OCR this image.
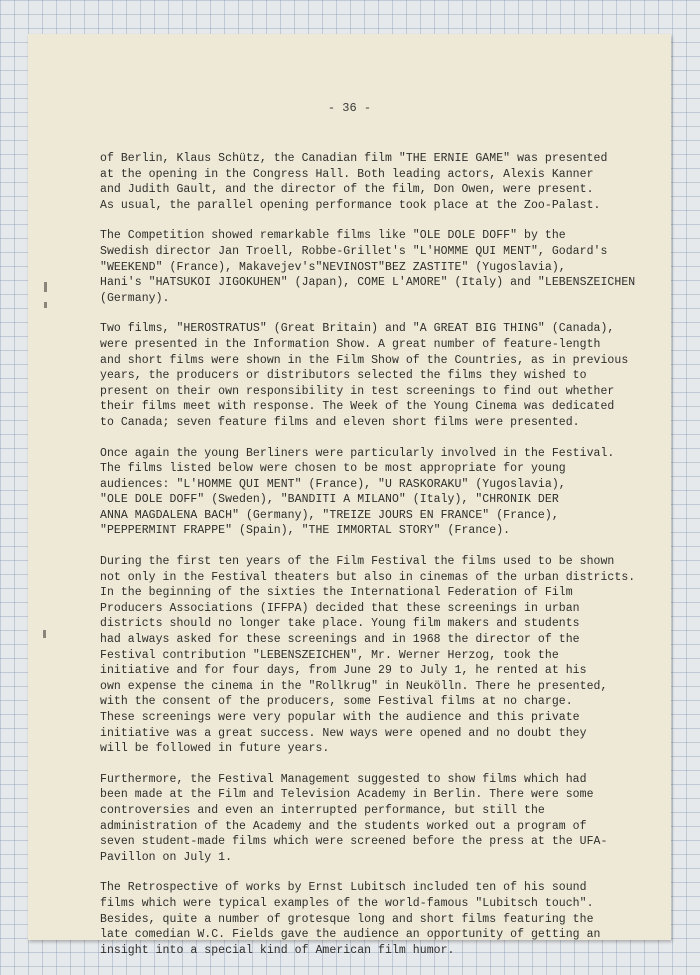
- 36 -
of Berlin, Klaus Schütz, the Canadian film "THE ERNIE GAME" was presented
at the opening in the Congress Hall. Both leading actors, Alexis Kanner
and Judith Gault, and the director of the film, Don Owen, were present.
As usual, the parallel opening performance took place at the Zoo-Palast.
The Competition showed remarkable films like "OLE DOLE DOFF" by the
Swedish director Jan Troell, Robbe-Grillet's "L'HOMME QUI MENT", Godard's
"WEEKEND" (France), Makavejev's"NEVINOST"BEZ ZASTITE" (Yugoslavia),
Hani's "HATSUKOI JIGOKUHEN" (Japan), COME L'AMORE" (Italy) and "LEBENSZEICHEN
(Germany).
Two films, "HEROSTRATUS" (Great Britain) and "A GREAT BIG THING" (Canada),
were presented in the Information Show. A great number of feature-length
and short films were shown in the Film Show of the Countries, as in previous
years, the producers or distributors selected the films they wished to
present on their own responsibility in test screenings to find out whether
their films meet with response. The Week of the Young Cinema was dedicated
to Canada; seven feature films and eleven short films were presented.
Once again the young Berliners were particularly involved in the Festival.
The films listed below were chosen to be most appropriate for young
audiences: "L'HOMME QUI MENT" (France), "U RASKORAKU" (Yugoslavia),
"OLE DOLE DOFF" (Sweden), "BANDITI A MILANO" (Italy), "CHRONIK DER
ANNA MAGDALENA BACH" (Germany), "TREIZE JOURS EN FRANCE" (France),
"PEPPERMINT FRAPPE" (Spain), "THE IMMORTAL STORY" (France).
During the first ten years of the Film Festival the films used to be shown
not only in the Festival theaters but also in cinemas of the urban districts.
In the beginning of the sixties the International Federation of Film
Producers Associations (IFFPA) decided that these screenings in urban
districts should no longer take place. Young film makers and students
had always asked for these screenings and in 1968 the director of the
Festival contribution "LEBENSZEICHEN", Mr. Werner Herzog, took the
initiative and for four days, from June 29 to July 1, he rented at his
own expense the cinema in the "Rollkrug" in Neukölln. There he presented,
with the consent of the producers, some Festival films at no charge.
These screenings were very popular with the audience and this private
initiative was a great success. New ways were opened and no doubt they
will be followed in future years.
Furthermore, the Festival Management suggested to show films which had
been made at the Film and Television Academy in Berlin. There were some
controversies and even an interrupted performance, but still the
administration of the Academy and the students worked out a program of
seven student-made films which were screened before the press at the UFA-
Pavillon on July 1.
The Retrospective of works by Ernst Lubitsch included ten of his sound
films which were typical examples of the world-famous "Lubitsch touch".
Besides, quite a number of grotesque long and short films featuring the
late comedian W.C. Fields gave the audience an opportunity of getting an
insight into a special kind of American film humor.
